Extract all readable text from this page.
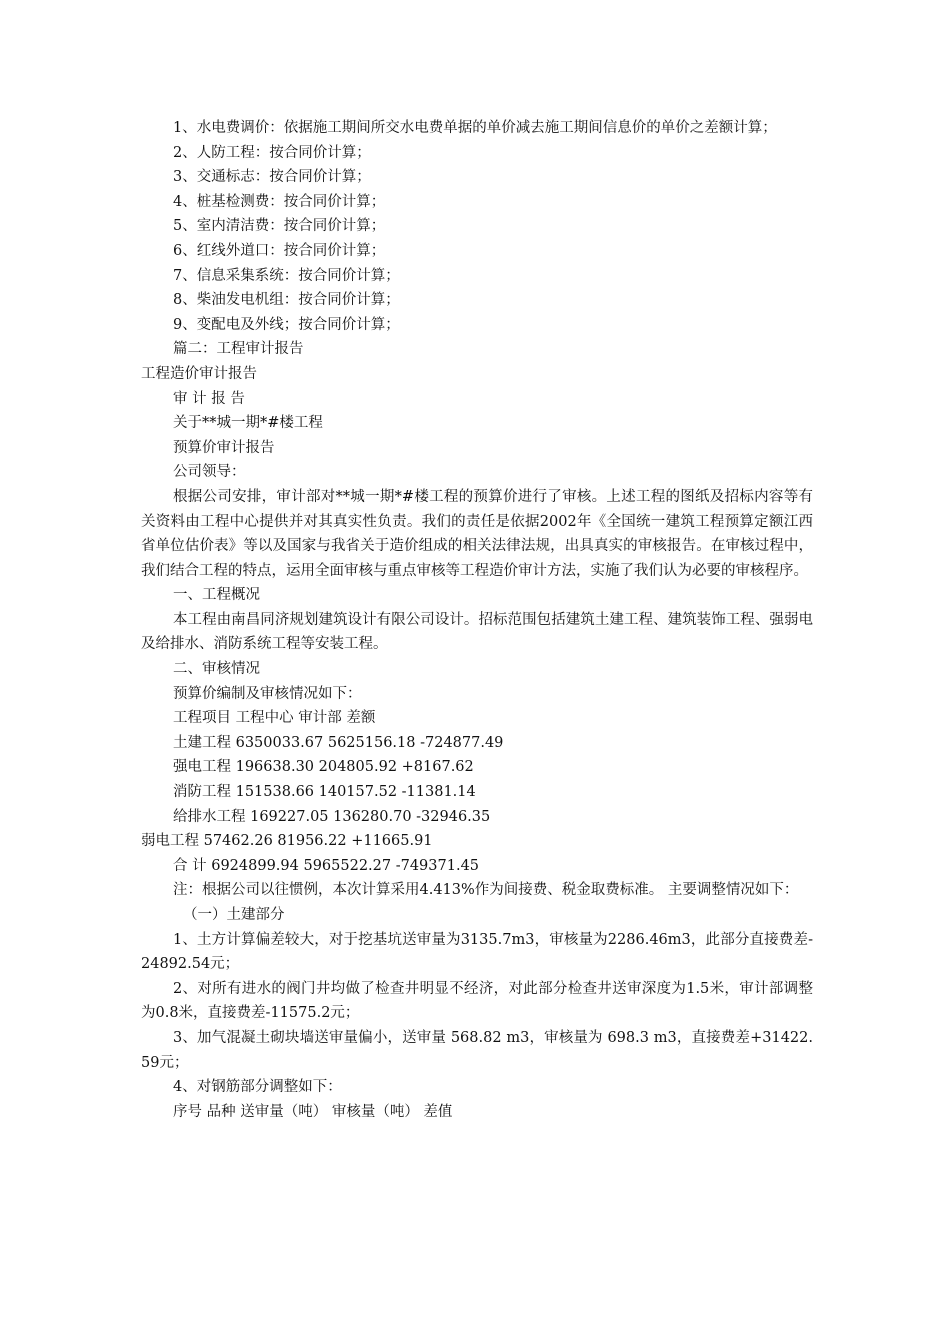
1、水电费调价：依据施工期间所交水电费单据的单价减去施工期间信息价的单价之差额计算；

2、人防工程：按合同价计算；

3、交通标志：按合同价计算；

4、桩基检测费：按合同价计算；

5、室内清洁费：按合同价计算；

6、红线外道口：按合同价计算；

7、信息采集系统：按合同价计算；

8、柴油发电机组：按合同价计算；

9、变配电及外线；按合同价计算；

篇二：工程审计报告

工程造价审计报告

审 计 报 告

关于**城一期*#楼工程

预算价审计报告

公司领导：

根据公司安排，审计部对**城一期*#楼工程的预算价进行了审核。上述工程的图纸及招标内容等有关资料由工程中心提供并对其真实性负责。我们的责任是依据2002年《全国统一建筑工程预算定额江西省单位估价表》等以及国家与我省关于造价组成的相关法律法规，出具真实的审核报告。在审核过程中，我们结合工程的特点，运用全面审核与重点审核等工程造价审计方法，实施了我们认为必要的审核程序。

一、工程概况

本工程由南昌同济规划建筑设计有限公司设计。招标范围包括建筑土建工程、建筑装饰工程、强弱电及给排水、消防系统工程等安装工程。

二、审核情况

预算价编制及审核情况如下：

工程项目 工程中心 审计部 差额

土建工程 6350033.67 5625156.18 -724877.49

强电工程 196638.30 204805.92 +8167.62

消防工程 151538.66 140157.52 -11381.14

给排水工程 169227.05 136280.70 -32946.35

弱电工程 57462.26 81956.22 +11665.91

合 计 6924899.94 5965522.27 -749371.45

注：根据公司以往惯例，本次计算采用4.413%作为间接费、税金取费标准。 主要调整情况如下：

（一）土建部分

1、土方计算偏差较大，对于挖基坑送审量为3135.7m3，审核量为2286.46m3，此部分直接费差-24892.54元；

2、对所有进水的阀门井均做了检查井明显不经济，对此部分检查井送审深度为1.5米，审计部调整为0.8米，直接费差-11575.2元；

3、加气混凝土砌块墙送审量偏小，送审量 568.82 m3，审核量为 698.3 m3，直接费差+31422.59元；

4、对钢筋部分调整如下：

序号 品种 送审量（吨） 审核量（吨） 差值
